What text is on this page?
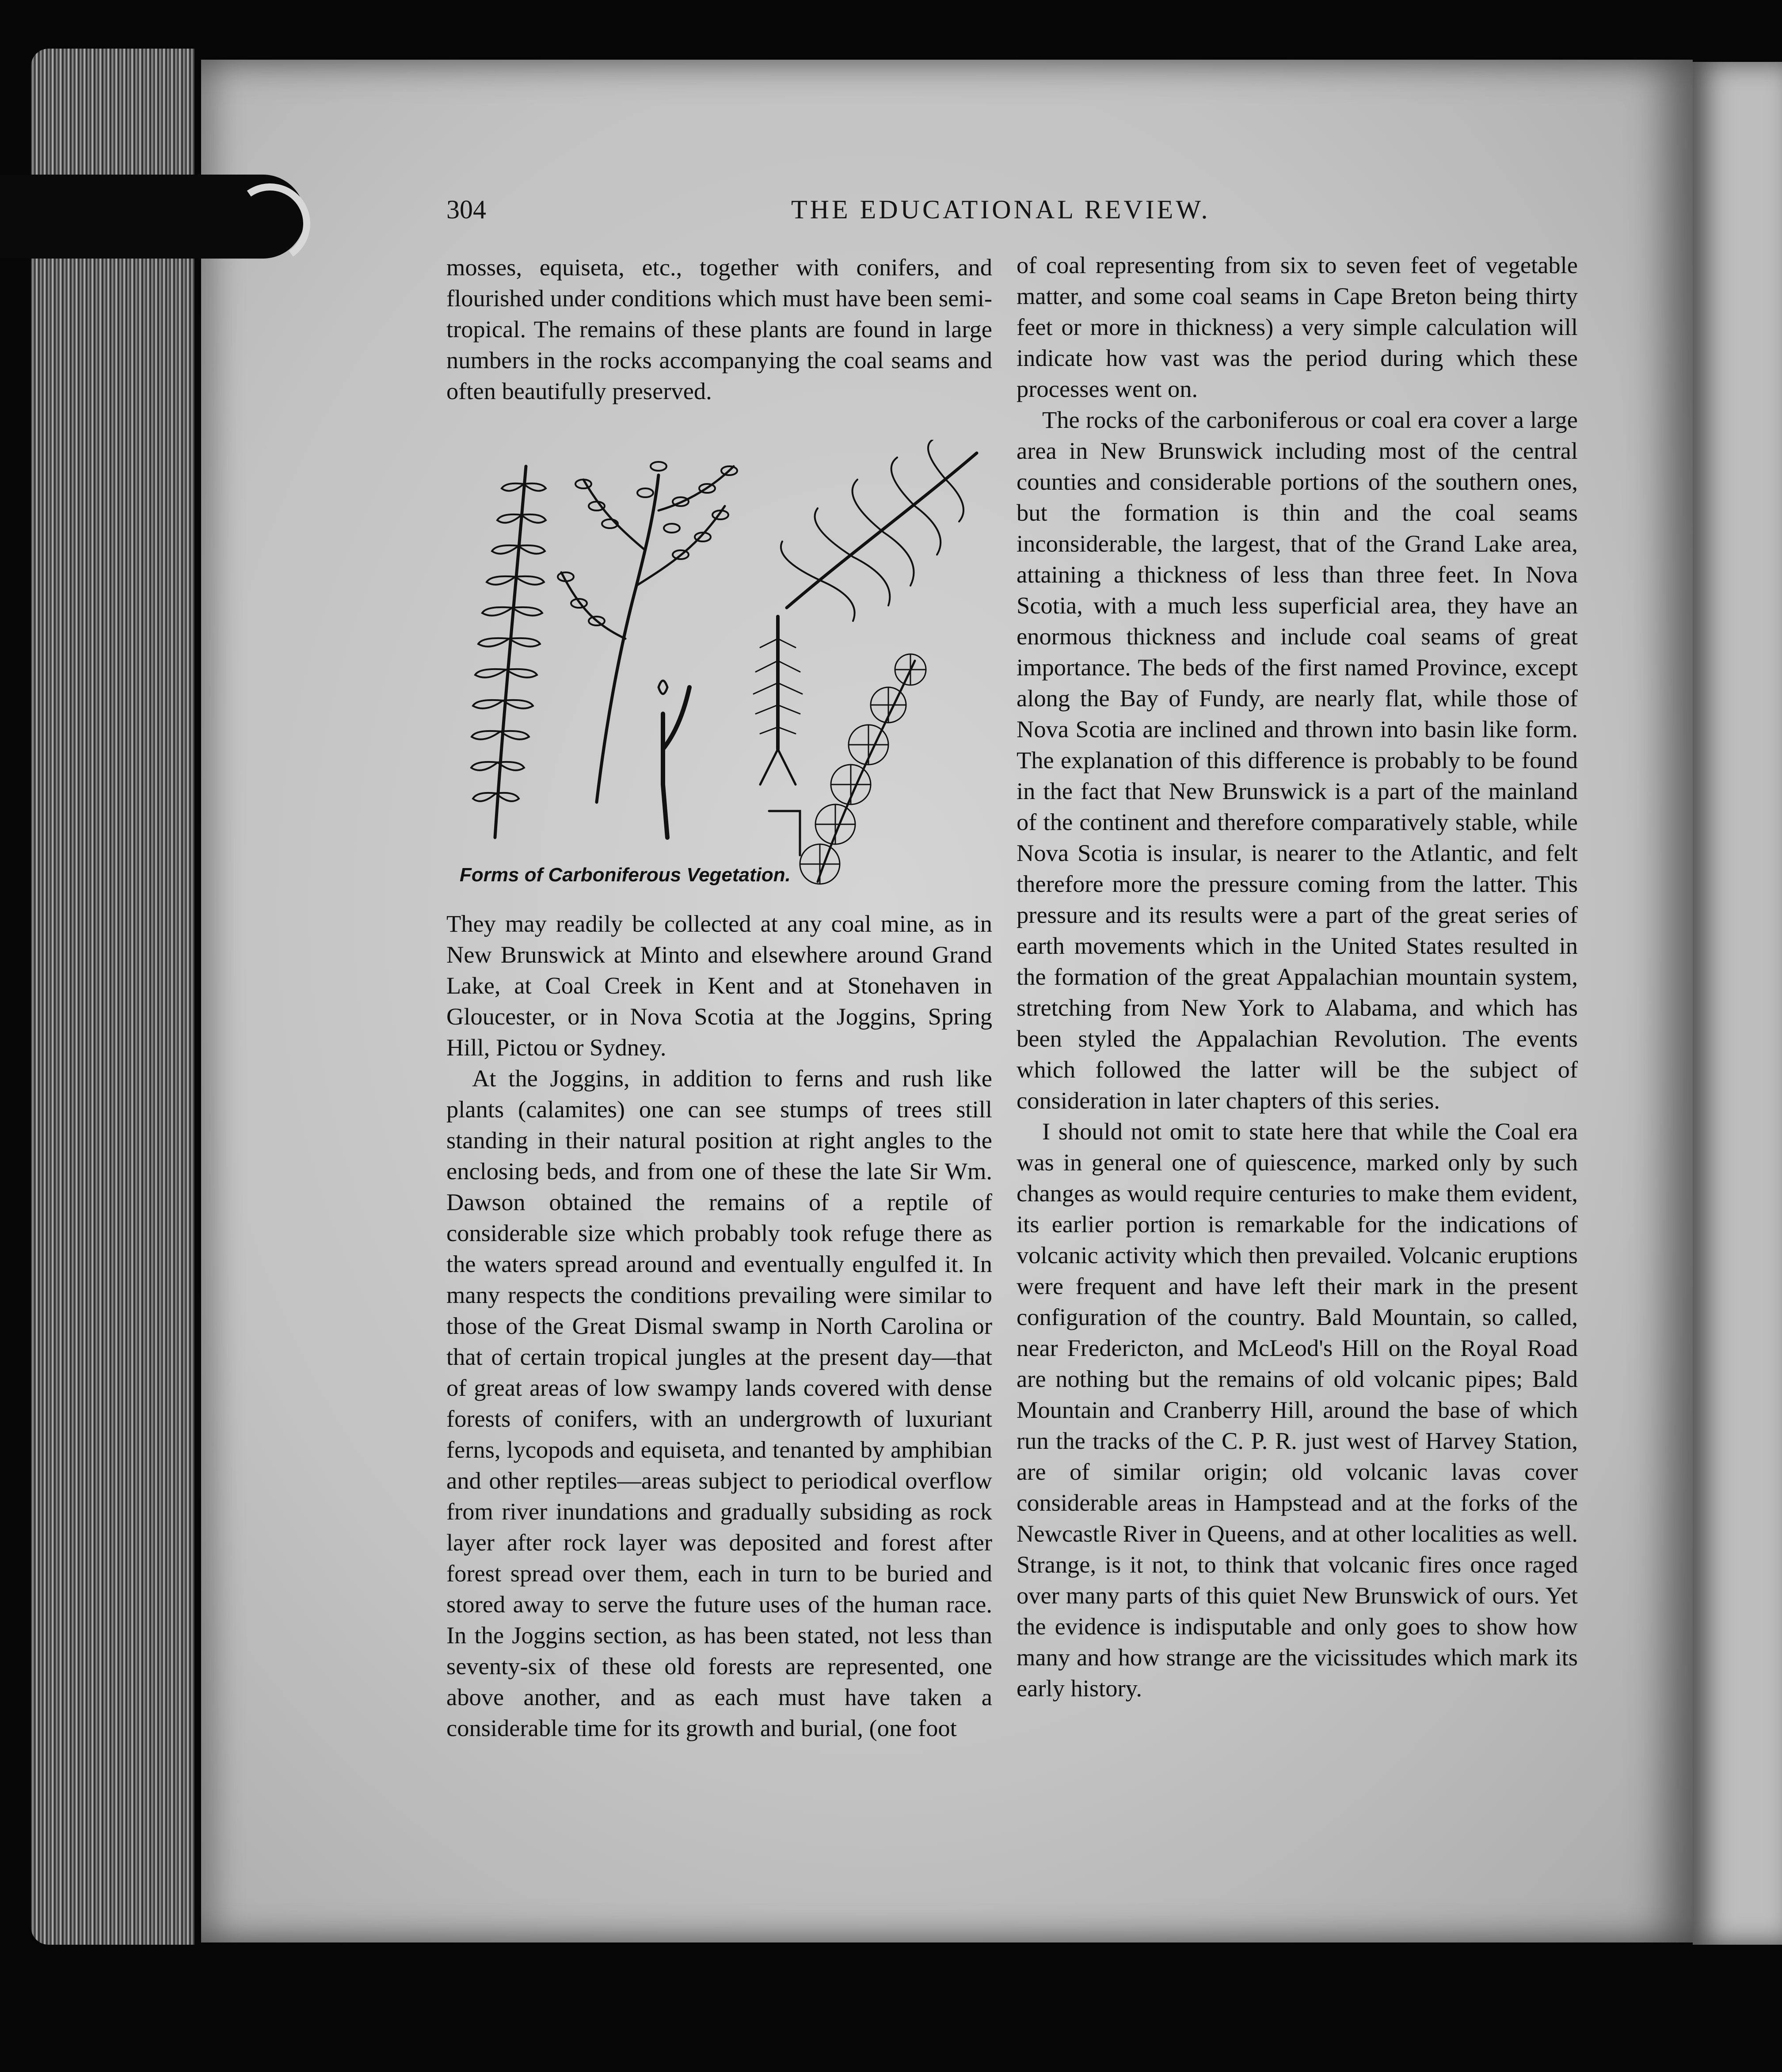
304	THE EDUCATIONAL REVIEW.

mosses, equiseta, etc., together with conifers, and flourished under conditions which must have been semi-tropical. The remains of these plants are found in large numbers in the rocks accompanying the coal seams and often beautifully preserved.

Forms of Carboniferous Vegetation.

They may readily be collected at any coal mine, as in New Brunswick at Minto and elsewhere around Grand Lake, at Coal Creek in Kent and at Stonehaven in Gloucester, or in Nova Scotia at the Joggins, Spring Hill, Pictou or Sydney.

At the Joggins, in addition to ferns and rush like plants (calamites) one can see stumps of trees still standing in their natural position at right angles to the enclosing beds, and from one of these the late Sir Wm. Dawson obtained the remains of a reptile of considerable size which probably took refuge there as the waters spread around and eventually engulfed it. In many respects the conditions prevailing were similar to those of the Great Dismal swamp in North Carolina or that of certain tropical jungles at the present day—that of great areas of low swampy lands covered with dense forests of conifers, with an undergrowth of luxuriant ferns, lycopods and equiseta, and tenanted by amphibian and other reptiles—areas subject to periodical overflow from river inundations and gradually subsiding as rock layer after rock layer was deposited and forest after forest spread over them, each in turn to be buried and stored away to serve the future uses of the human race. In the Joggins section, as has been stated, not less than seventy-six of these old forests are represented, one above another, and as each must have taken a considerable time for its growth and burial, (one foot

of coal representing from six to seven feet of vegetable matter, and some coal seams in Cape Breton being thirty feet or more in thickness) a very simple calculation will indicate how vast was the period during which these processes went on.

The rocks of the carboniferous or coal era cover a large area in New Brunswick including most of the central counties and considerable portions of the southern ones, but the formation is thin and the coal seams inconsiderable, the largest, that of the Grand Lake area, attaining a thickness of less than three feet. In Nova Scotia, with a much less superficial area, they have an enormous thickness and include coal seams of great importance. The beds of the first named Province, except along the Bay of Fundy, are nearly flat, while those of Nova Scotia are inclined and thrown into basin like form. The explanation of this difference is probably to be found in the fact that New Brunswick is a part of the mainland of the continent and therefore comparatively stable, while Nova Scotia is insular, is nearer to the Atlantic, and felt therefore more the pressure coming from the latter. This pressure and its results were a part of the great series of earth movements which in the United States resulted in the formation of the great Appalachian mountain system, stretching from New York to Alabama, and which has been styled the Appalachian Revolution. The events which followed the latter will be the subject of consideration in later chapters of this series.

I should not omit to state here that while the Coal era was in general one of quiescence, marked only by such changes as would require centuries to make them evident, its earlier portion is remarkable for the indications of volcanic activity which then prevailed. Volcanic eruptions were frequent and have left their mark in the present configuration of the country. Bald Mountain, so called, near Fredericton, and McLeod's Hill on the Royal Road are nothing but the remains of old volcanic pipes; Bald Mountain and Cranberry Hill, around the base of which run the tracks of the C. P. R. just west of Harvey Station, are of similar origin; old volcanic lavas cover considerable areas in Hampstead and at the forks of the Newcastle River in Queens, and at other localities as well. Strange, is it not, to think that volcanic fires once raged over many parts of this quiet New Brunswick of ours. Yet the evidence is indisputable and only goes to show how many and how strange are the vicissitudes which mark its early history.
